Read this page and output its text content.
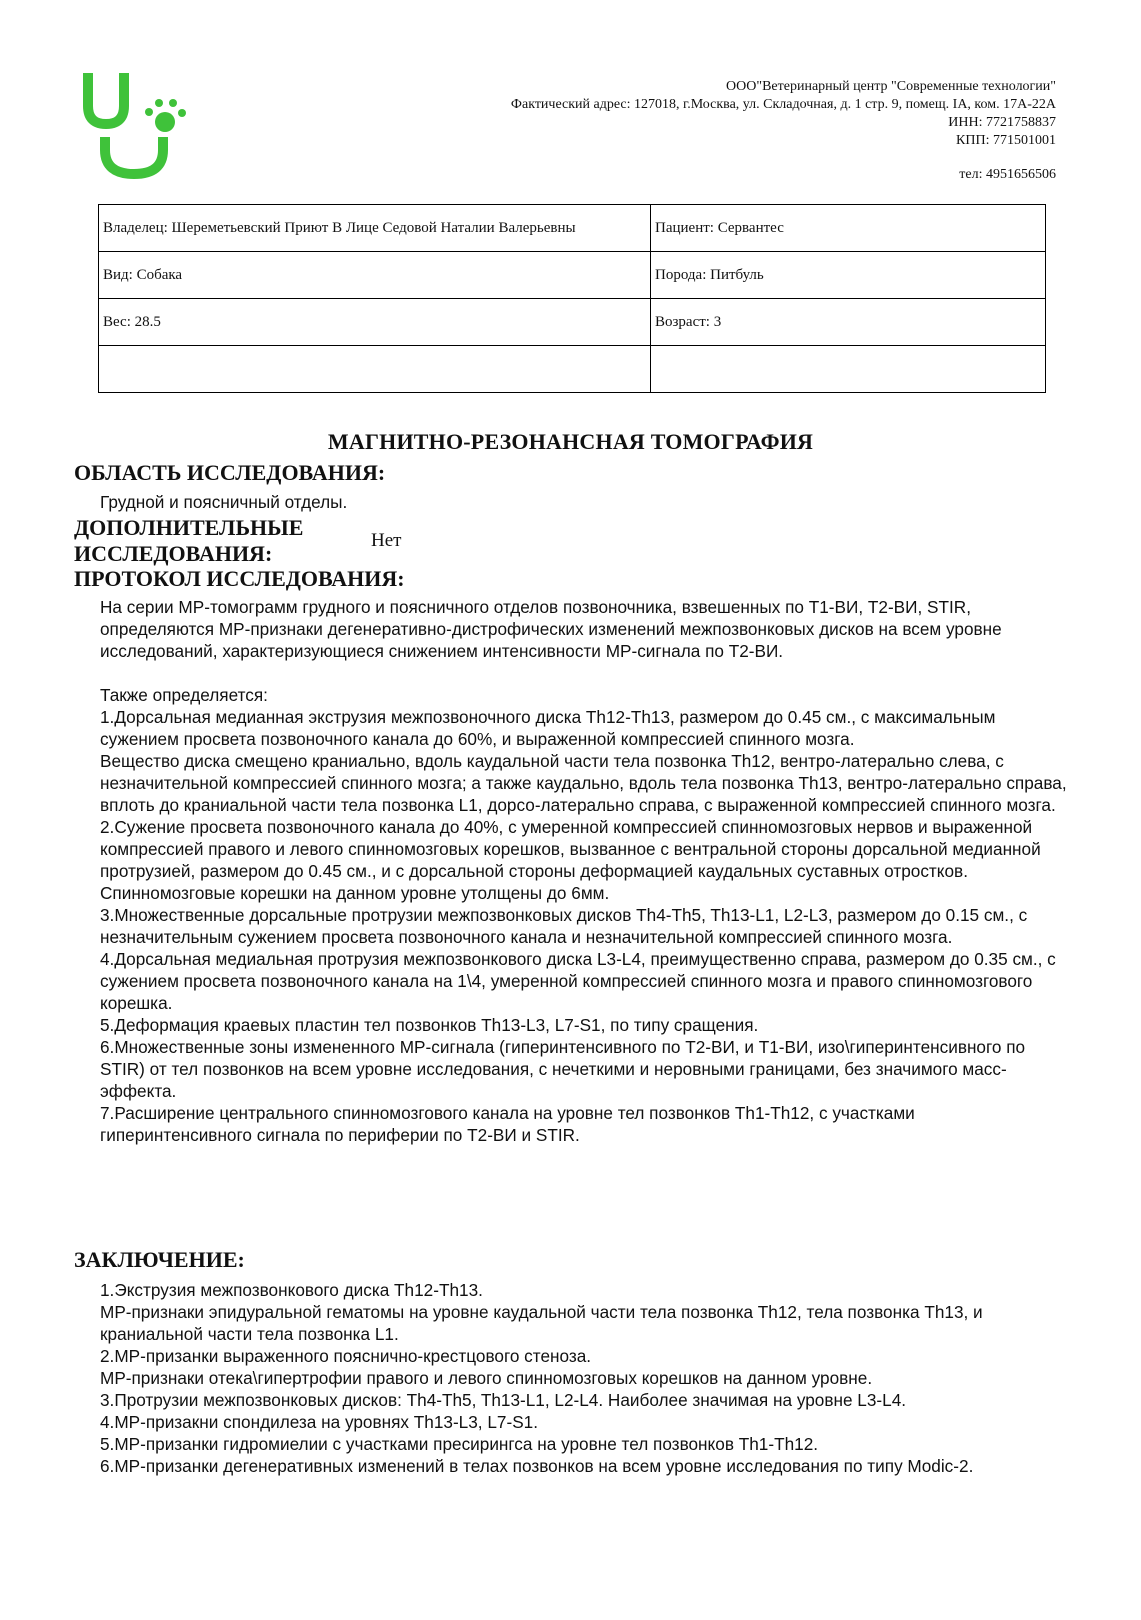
ООО"Ветеринарный центр "Современные технологии"
Фактический адрес: 127018, г.Москва, ул. Складочная, д. 1 стр. 9, помещ. IA, ком. 17A-22A
ИНН: 7721758837
КПП: 771501001
тел: 4951656506
Владелец: Шереметьевский Приют В Лице Седовой Наталии Валерьевны	Пациент: Сервантес
Вид: Собака	Порода: Питбуль
Вес: 28.5	Возраст: 3

МАГНИТНО-РЕЗОНАНСНАЯ ТОМОГРАФИЯ
ОБЛАСТЬ ИССЛЕДОВАНИЯ:
Грудной и поясничный отделы.
ДОПОЛНИТЕЛЬНЫЕ ИССЛЕДОВАНИЯ:
Нет
ПРОТОКОЛ ИССЛЕДОВАНИЯ:

На серии МР-томограмм грудного и поясничного отделов позвоночника, взвешенных по Т1-ВИ, Т2-ВИ, STIR, определяются МР-признаки дегенеративно-дистрофических изменений межпозвонковых дисков на всем уровне исследований, характеризующиеся снижением интенсивности МР-сигнала по Т2-ВИ.

Также определяется:

1.Дорсальная медианная экструзия межпозвоночного диска Th12-Th13, размером до 0.45 см., с максимальным сужением просвета позвоночного канала до 60%, и выраженной компрессией спинного мозга.

Вещество диска смещено краниально, вдоль каудальной части тела позвонка Th12, вентро-латерально слева, с незначительной компрессией спинного мозга; а также каудально, вдоль тела позвонка Th13, вентро-латерально справа, вплоть до краниальной части тела позвонка L1, дорсо-латерально справа, с выраженной компрессией спинного мозга.

2.Сужение просвета позвоночного канала до 40%, с умеренной компрессией спинномозговых нервов и выраженной компрессией правого и левого спинномозговых корешков, вызванное с вентральной стороны дорсальной медианной протрузией, размером до 0.45 см., и с дорсальной стороны деформацией каудальных суставных отростков. Спинномозговые корешки на данном уровне утолщены до 6мм.

3.Множественные дорсальные протрузии межпозвонковых дисков Th4-Th5, Th13-L1, L2-L3, размером до 0.15 см., с незначительным сужением просвета позвоночного канала и незначительной компрессией спинного мозга.

4.Дорсальная медиальная протрузия межпозвонкового диска L3-L4, преимущественно справа, размером до 0.35 см., с сужением просвета позвоночного канала на 1\4, умеренной компрессией спинного мозга и правого спинномозгового корешка.

5.Деформация краевых пластин тел позвонков Th13-L3, L7-S1, по типу сращения.

6.Множественные зоны измененного МР-сигнала (гиперинтенсивного по Т2-ВИ, и Т1-ВИ, изо\гиперинтенсивного по STIR) от тел позвонков на всем уровне исследования, с нечеткими и неровными границами, без значимого масс-эффекта.

7.Расширение центрального спинномозгового канала на уровне тел позвонков Th1-Th12, с участками гиперинтенсивного сигнала по периферии по Т2-ВИ и STIR.

ЗАКЛЮЧЕНИЕ:

1.Экструзия межпозвонкового диска Th12-Th13.

МР-признаки эпидуральной гематомы на уровне каудальной части тела позвонка Th12, тела позвонка Th13, и краниальной части тела позвонка L1.

2.МР-призанки выраженного пояснично-крестцового стеноза.

МР-признаки отека\гипертрофии правого и левого спинномозговых корешков на данном уровне.

3.Протрузии межпозвонковых дисков: Th4-Th5, Th13-L1, L2-L4. Наиболее значимая на уровне L3-L4.

4.МР-призакни спондилеза на уровнях Th13-L3, L7-S1.

5.МР-призанки гидромиелии с участками пресирингса на уровне тел позвонков Th1-Th12.

6.МР-призанки дегенеративных изменений в телах позвонков на всем уровне исследования по типу Modic-2.
